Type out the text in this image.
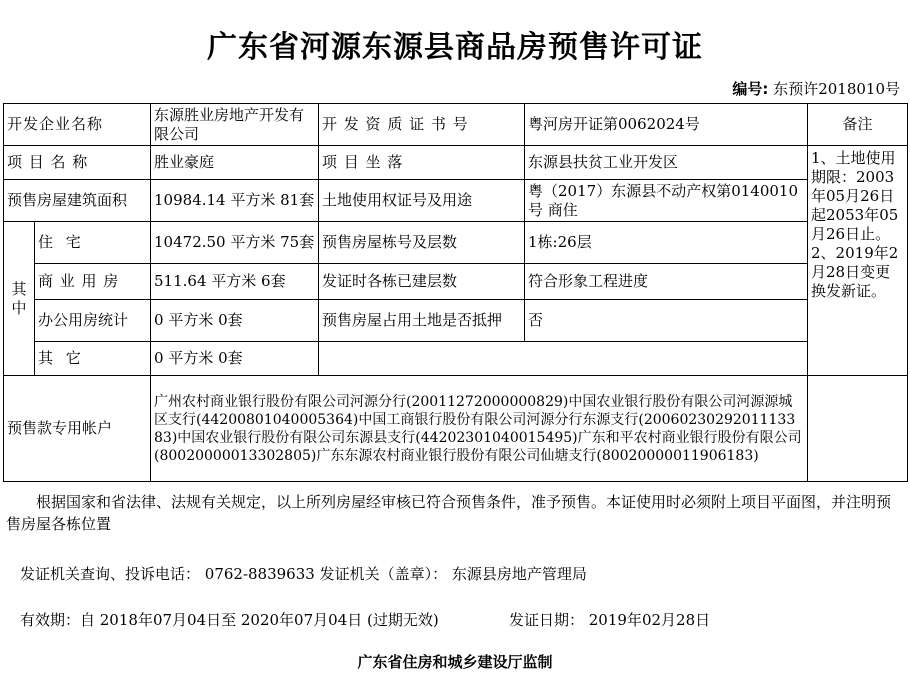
广东省河源东源县商品房预售许可证
编号: 东预许2018010号
开发企业名称		东源胜业房地产开发有限公司	开 发 资 质 证 书 号	粤河房开证第0062024号	备注
项 目 名 称		胜业豪庭	项 目 坐 落	东源县扶贫工业开发区	1、土地使用期限：2003年05月26日起2053年05月26日止。2、2019年2月28日变更换发新证。
预售房屋建筑面积		10984.14 平方米 81套	土地使用权证号及用途	粤（2017）东源县不动产权第0140010号 商住	
其中	住 宅	10472.50 平方米 75套	预售房屋栋号及层数	1栋:26层	
	商 业 用 房	511.64 平方米 6套	发证时各栋已建层数	符合形象工程进度	
	办公用房统计	0 平方米 0套	预售房屋占用土地是否抵押	否	
	其 它	0 平方米 0套			
预售款专用帐户		广州农村商业银行股份有限公司河源分行(20011272000000829)中国农业银行股份有限公司河源源城区支行(44200801040005364)中国工商银行股份有限公司河源分行东源支行(2006023029201113383)中国农业银行股份有限公司东源县支行(44202301040015495)广东和平农村商业银行股份有限公司(80020000013302805)广东东源农村商业银行股份有限公司仙塘支行(80020000011906183)			
根据国家和省法律、法规有关规定，以上所列房屋经审核已符合预售条件，准予预售。本证使用时必须附上项目平面图，并注明预售房屋各栋位置
发证机关查询、投诉电话： 0762-8839633 发证机关（盖章）： 东源县房地产管理局
有效期：自 2018年07月04日至 2020年07月04日 (过期无效)	发证日期： 2019年02月28日
广东省住房和城乡建设厅监制
